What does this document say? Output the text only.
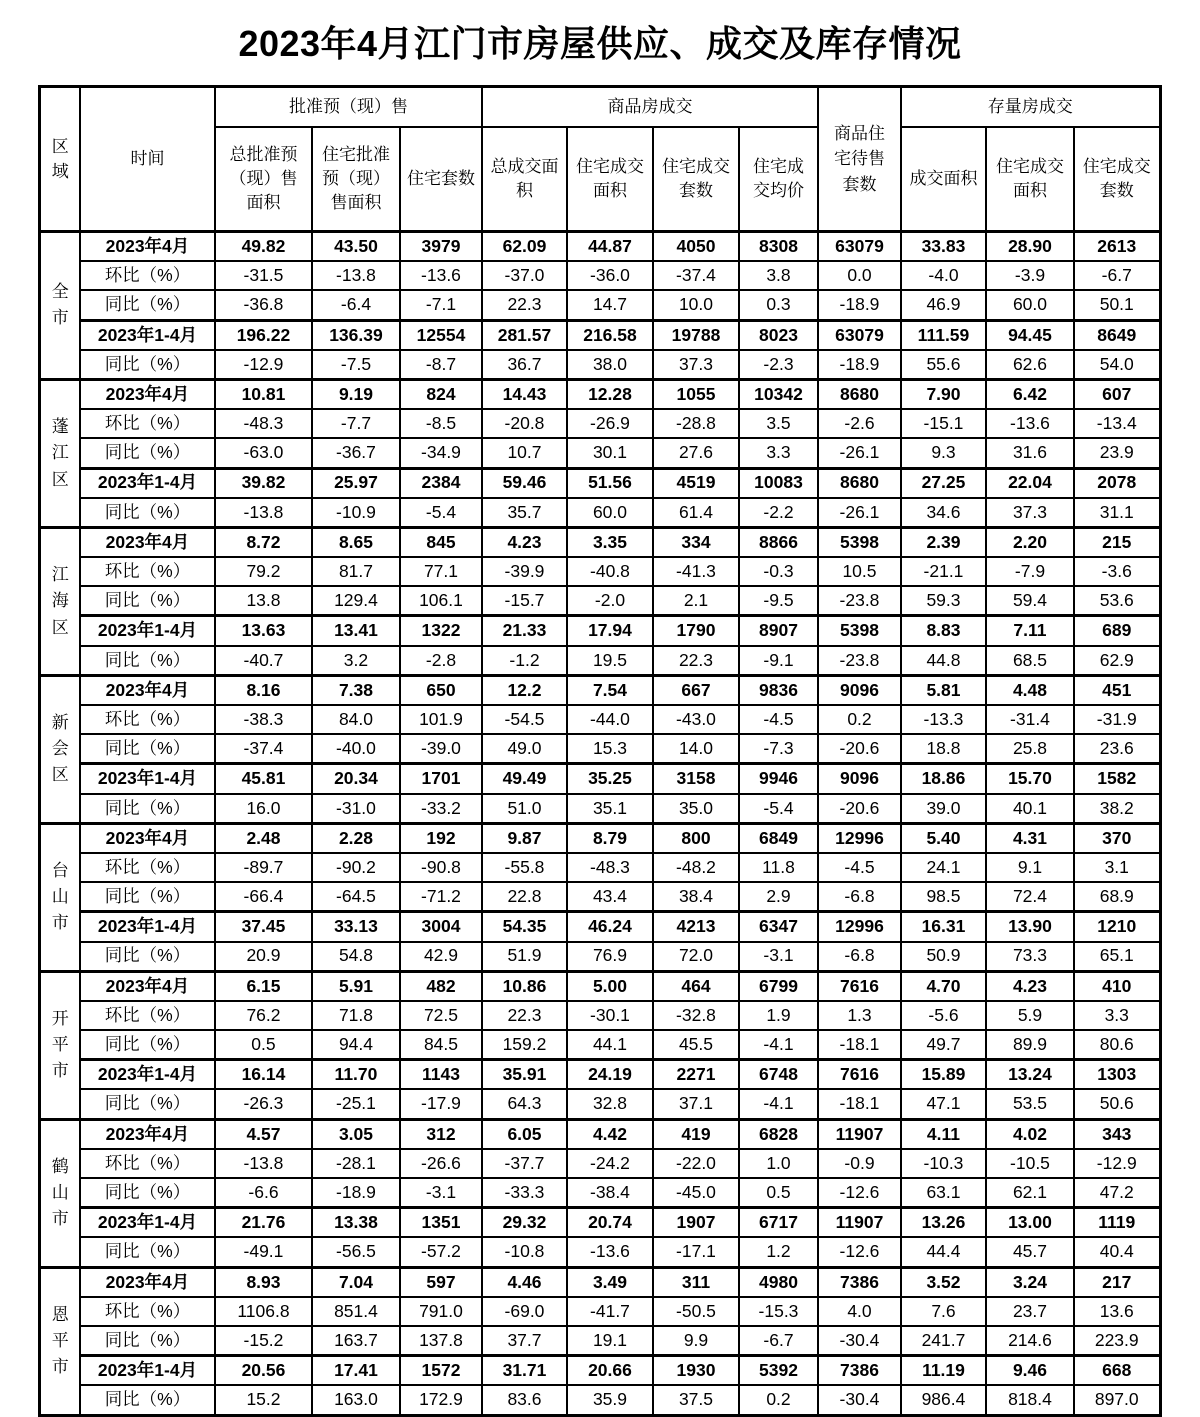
2023年4月江门市房屋供应、成交及库存情况
区域	时间	批准预（现）售			商品房成交				商品住宅待售套数	存量房成交		
		总批准预（现）售面积	住宅批准预（现）售面积	住宅套数	总成交面积	住宅成交面积	住宅成交套数	住宅成交均价		成交面积	住宅成交面积	住宅成交套数
全市	2023年4月	49.82	43.50	3979	62.09	44.87	4050	8308	63079	33.83	28.90	2613
	环比（%）	-31.5	-13.8	-13.6	-37.0	-36.0	-37.4	3.8	0.0	-4.0	-3.9	-6.7
	同比（%）	-36.8	-6.4	-7.1	22.3	14.7	10.0	0.3	-18.9	46.9	60.0	50.1
	2023年1-4月	196.22	136.39	12554	281.57	216.58	19788	8023	63079	111.59	94.45	8649
	同比（%）	-12.9	-7.5	-8.7	36.7	38.0	37.3	-2.3	-18.9	55.6	62.6	54.0
蓬江区	2023年4月	10.81	9.19	824	14.43	12.28	1055	10342	8680	7.90	6.42	607
	环比（%）	-48.3	-7.7	-8.5	-20.8	-26.9	-28.8	3.5	-2.6	-15.1	-13.6	-13.4
	同比（%）	-63.0	-36.7	-34.9	10.7	30.1	27.6	3.3	-26.1	9.3	31.6	23.9
	2023年1-4月	39.82	25.97	2384	59.46	51.56	4519	10083	8680	27.25	22.04	2078
	同比（%）	-13.8	-10.9	-5.4	35.7	60.0	61.4	-2.2	-26.1	34.6	37.3	31.1
江海区	2023年4月	8.72	8.65	845	4.23	3.35	334	8866	5398	2.39	2.20	215
	环比（%）	79.2	81.7	77.1	-39.9	-40.8	-41.3	-0.3	10.5	-21.1	-7.9	-3.6
	同比（%）	13.8	129.4	106.1	-15.7	-2.0	2.1	-9.5	-23.8	59.3	59.4	53.6
	2023年1-4月	13.63	13.41	1322	21.33	17.94	1790	8907	5398	8.83	7.11	689
	同比（%）	-40.7	3.2	-2.8	-1.2	19.5	22.3	-9.1	-23.8	44.8	68.5	62.9
新会区	2023年4月	8.16	7.38	650	12.2	7.54	667	9836	9096	5.81	4.48	451
	环比（%）	-38.3	84.0	101.9	-54.5	-44.0	-43.0	-4.5	0.2	-13.3	-31.4	-31.9
	同比（%）	-37.4	-40.0	-39.0	49.0	15.3	14.0	-7.3	-20.6	18.8	25.8	23.6
	2023年1-4月	45.81	20.34	1701	49.49	35.25	3158	9946	9096	18.86	15.70	1582
	同比（%）	16.0	-31.0	-33.2	51.0	35.1	35.0	-5.4	-20.6	39.0	40.1	38.2
台山市	2023年4月	2.48	2.28	192	9.87	8.79	800	6849	12996	5.40	4.31	370
	环比（%）	-89.7	-90.2	-90.8	-55.8	-48.3	-48.2	11.8	-4.5	24.1	9.1	3.1
	同比（%）	-66.4	-64.5	-71.2	22.8	43.4	38.4	2.9	-6.8	98.5	72.4	68.9
	2023年1-4月	37.45	33.13	3004	54.35	46.24	4213	6347	12996	16.31	13.90	1210
	同比（%）	20.9	54.8	42.9	51.9	76.9	72.0	-3.1	-6.8	50.9	73.3	65.1
开平市	2023年4月	6.15	5.91	482	10.86	5.00	464	6799	7616	4.70	4.23	410
	环比（%）	76.2	71.8	72.5	22.3	-30.1	-32.8	1.9	1.3	-5.6	5.9	3.3
	同比（%）	0.5	94.4	84.5	159.2	44.1	45.5	-4.1	-18.1	49.7	89.9	80.6
	2023年1-4月	16.14	11.70	1143	35.91	24.19	2271	6748	7616	15.89	13.24	1303
	同比（%）	-26.3	-25.1	-17.9	64.3	32.8	37.1	-4.1	-18.1	47.1	53.5	50.6
鹤山市	2023年4月	4.57	3.05	312	6.05	4.42	419	6828	11907	4.11	4.02	343
	环比（%）	-13.8	-28.1	-26.6	-37.7	-24.2	-22.0	1.0	-0.9	-10.3	-10.5	-12.9
	同比（%）	-6.6	-18.9	-3.1	-33.3	-38.4	-45.0	0.5	-12.6	63.1	62.1	47.2
	2023年1-4月	21.76	13.38	1351	29.32	20.74	1907	6717	11907	13.26	13.00	1119
	同比（%）	-49.1	-56.5	-57.2	-10.8	-13.6	-17.1	1.2	-12.6	44.4	45.7	40.4
恩平市	2023年4月	8.93	7.04	597	4.46	3.49	311	4980	7386	3.52	3.24	217
	环比（%）	1106.8	851.4	791.0	-69.0	-41.7	-50.5	-15.3	4.0	7.6	23.7	13.6
	同比（%）	-15.2	163.7	137.8	37.7	19.1	9.9	-6.7	-30.4	241.7	214.6	223.9
	2023年1-4月	20.56	17.41	1572	31.71	20.66	1930	5392	7386	11.19	9.46	668
	同比（%）	15.2	163.0	172.9	83.6	35.9	37.5	0.2	-30.4	986.4	818.4	897.0
